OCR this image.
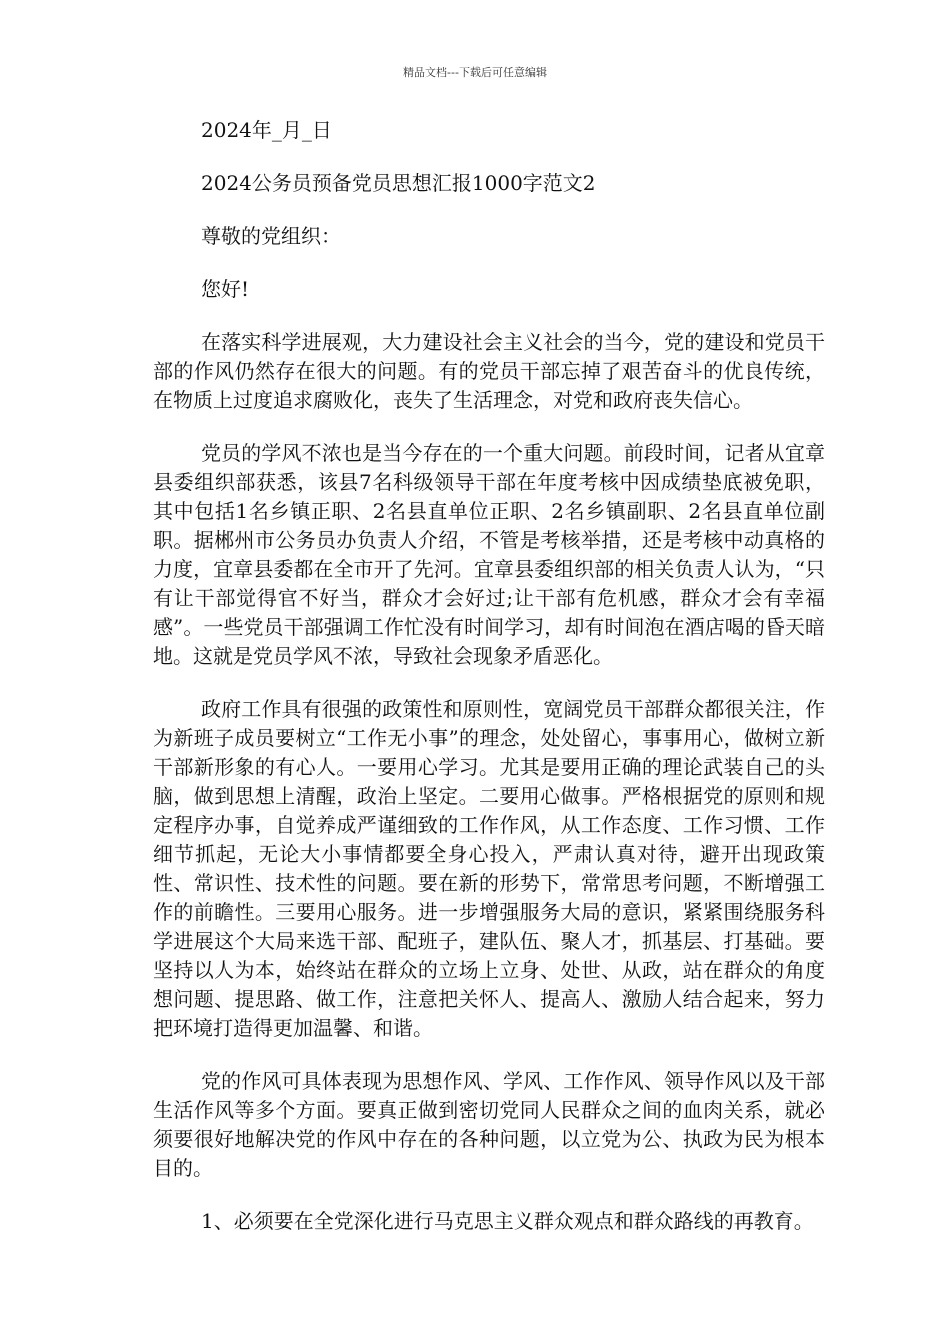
精品文档---下载后可任意编辑

2024年_月_日

2024公务员预备党员思想汇报1000字范文2

尊敬的党组织：

您好!

在落实科学进展观，大力建设社会主义社会的当今，党的建设和党员干部的作风仍然存在很大的问题。有的党员干部忘掉了艰苦奋斗的优良传统，在物质上过度追求腐败化，丧失了生活理念，对党和政府丧失信心。

党员的学风不浓也是当今存在的一个重大问题。前段时间，记者从宜章县委组织部获悉，该县7名科级领导干部在年度考核中因成绩垫底被免职，其中包括1名乡镇正职、2名县直单位正职、2名乡镇副职、2名县直单位副职。据郴州市公务员办负责人介绍，不管是考核举措，还是考核中动真格的力度，宜章县委都在全市开了先河。宜章县委组织部的相关负责人认为，“只有让干部觉得官不好当，群众才会好过;让干部有危机感，群众才会有幸福感”。一些党员干部强调工作忙没有时间学习，却有时间泡在酒店喝的昏天暗地。这就是党员学风不浓，导致社会现象矛盾恶化。

政府工作具有很强的政策性和原则性，宽阔党员干部群众都很关注，作为新班子成员要树立“工作无小事”的理念，处处留心，事事用心，做树立新干部新形象的有心人。一要用心学习。尤其是要用正确的理论武装自己的头脑，做到思想上清醒，政治上坚定。二要用心做事。严格根据党的原则和规定程序办事，自觉养成严谨细致的工作作风，从工作态度、工作习惯、工作细节抓起，无论大小事情都要全身心投入，严肃认真对待，避开出现政策性、常识性、技术性的问题。要在新的形势下，常常思考问题，不断增强工作的前瞻性。三要用心服务。进一步增强服务大局的意识，紧紧围绕服务科学进展这个大局来选干部、配班子，建队伍、聚人才，抓基层、打基础。要坚持以人为本，始终站在群众的立场上立身、处世、从政，站在群众的角度想问题、提思路、做工作，注意把关怀人、提高人、激励人结合起来，努力把环境打造得更加温馨、和谐。

党的作风可具体表现为思想作风、学风、工作作风、领导作风以及干部生活作风等多个方面。要真正做到密切党同人民群众之间的血肉关系，就必须要很好地解决党的作风中存在的各种问题，以立党为公、执政为民为根本目的。

1、必须要在全党深化进行马克思主义群众观点和群众路线的再教育。
